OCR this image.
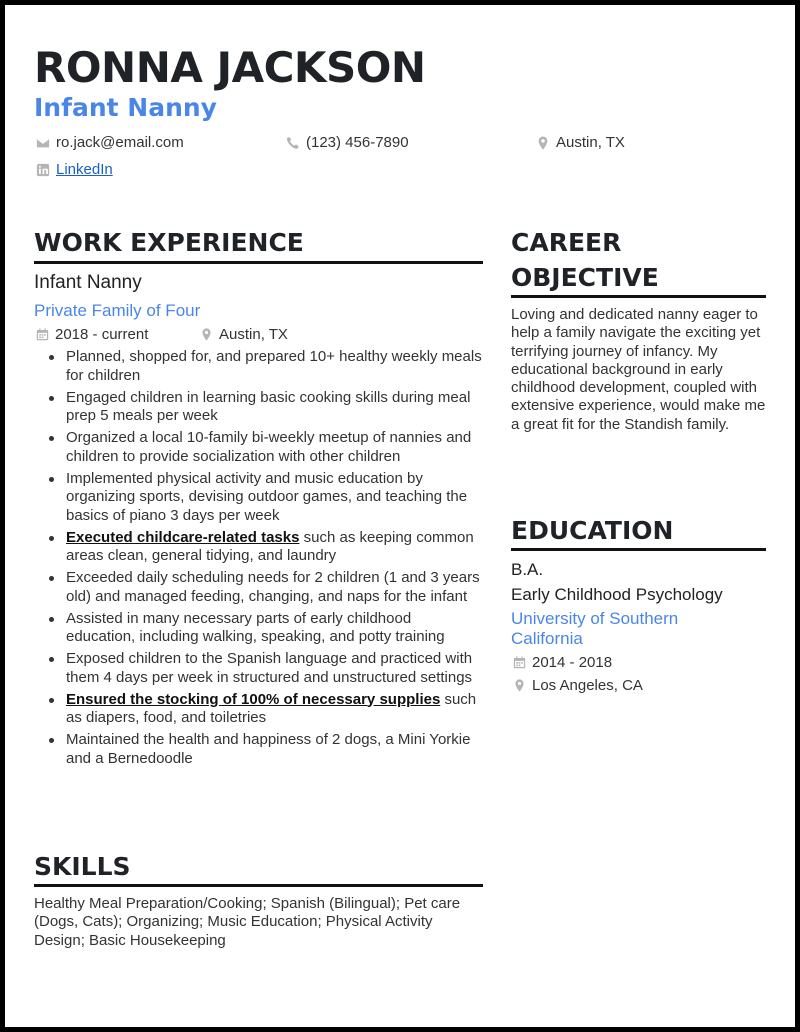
RONNA JACKSON
Infant Nanny
ro.jack@email.com	(123) 456-7890	Austin, TX
LinkedIn
WORK EXPERIENCE
Infant Nanny
Private Family of Four
2018 - current	Austin, TX
Planned, shopped for, and prepared 10+ healthy weekly meals for children
Engaged children in learning basic cooking skills during meal prep 5 meals per week
Organized a local 10-family bi-weekly meetup of nannies and children to provide socialization with other children
Implemented physical activity and music education by organizing sports, devising outdoor games, and teaching the basics of piano 3 days per week
Executed childcare-related tasks such as keeping common areas clean, general tidying, and laundry
Exceeded daily scheduling needs for 2 children (1 and 3 years old) and managed feeding, changing, and naps for the infant
Assisted in many necessary parts of early childhood education, including walking, speaking, and potty training
Exposed children to the Spanish language and practiced with them 4 days per week in structured and unstructured settings
Ensured the stocking of 100% of necessary supplies such as diapers, food, and toiletries
Maintained the health and happiness of 2 dogs, a Mini Yorkie and a Bernedoodle
SKILLS
Healthy Meal Preparation/Cooking; Spanish (Bilingual); Pet care (Dogs, Cats); Organizing; Music Education; Physical Activity Design; Basic Housekeeping
CAREER
OBJECTIVE
Loving and dedicated nanny eager to help a family navigate the exciting yet terrifying journey of infancy. My educational background in early childhood development, coupled with extensive experience, would make me a great fit for the Standish family.
EDUCATION
B.A.
Early Childhood Psychology
University of Southern California
2014 - 2018
Los Angeles, CA
